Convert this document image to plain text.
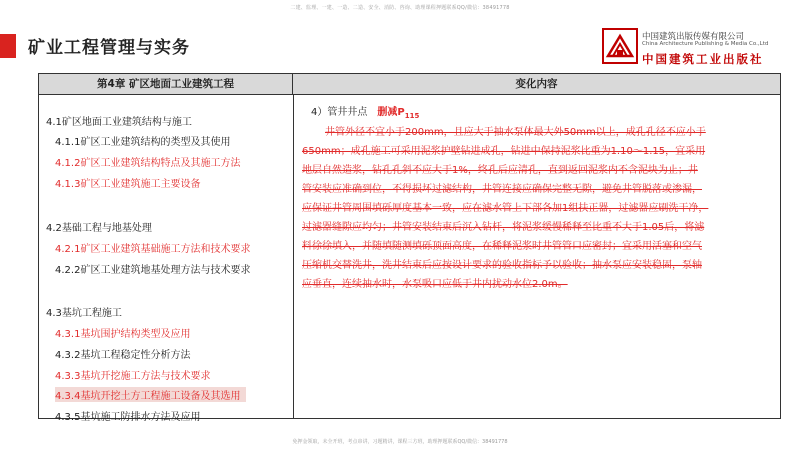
二建、监理、一建、一造、二造、安全、消防、咨询、助理课程押题联系QQ/微信：38491778
矿业工程管理与实务
中国建筑出版传媒有限公司
China Architecture Publishing & Media Co.,Ltd
中国建筑工业出版社
第4章 矿区地面工业建筑工程	变化内容
4.1矿区地面工业建筑结构与施工
4.1.1矿区工业建筑结构的类型及其使用
4.1.2矿区工业建筑结构特点及其施工方法
4.1.3矿区工业建筑施工主要设备
4.2基础工程与地基处理
4.2.1矿区工业建筑基础施工方法和技术要求
4.2.2矿区工业建筑地基处理方法与技术要求
4.3基坑工程施工
4.3.1基坑围护结构类型及应用
4.3.2基坑工程稳定性分析方法
4.3.3基坑开挖施工方法与技术要求
4.3.4基坑开挖土方工程施工设备及其选用
4.3.5基坑施工防排水方法及应用
4）管井井点 删减$P_{115}$
井管外径不宜小于200mm，且应大于抽水泵体最大外50mm以上，成孔孔径不应小于
650mm；成孔施工可采用泥浆护壁钻进成孔，钻进中保持泥浆比重为1.10～1.15，宜采用
地层自然造浆，钻孔孔斜不应大于1%，终孔后应清孔，直到返回泥浆内不含泥块为止；井
管安装应准确到位，不得损坏过滤结构，井管连接应确保完整无隙，避免井管脱落或渗漏，
应保证井管周围填砾厚度基本一致，应在滤水管上下部各加1组扶正器，过滤器应刷洗干净，
过滤器缝隙应均匀；井管安装结束后沉入钻杆，将泥浆缓慢稀释至比重不大于1.05后，将滤
料徐徐填入，并随填随测填砾顶面高度，在稀释泥浆时井管管口应密封；宜采用活塞和空气
压缩机交替洗井，洗井结束后应按设计要求的验收指标予以验收；抽水泵应安装稳固，泵轴
应垂直，连续抽水时，水泵吸口应低于井内扰动水位2.0m。
免押金领取，未全开班，考点串讲，习题精讲，课程三方班，助理押题联系QQ/微信：38491778
